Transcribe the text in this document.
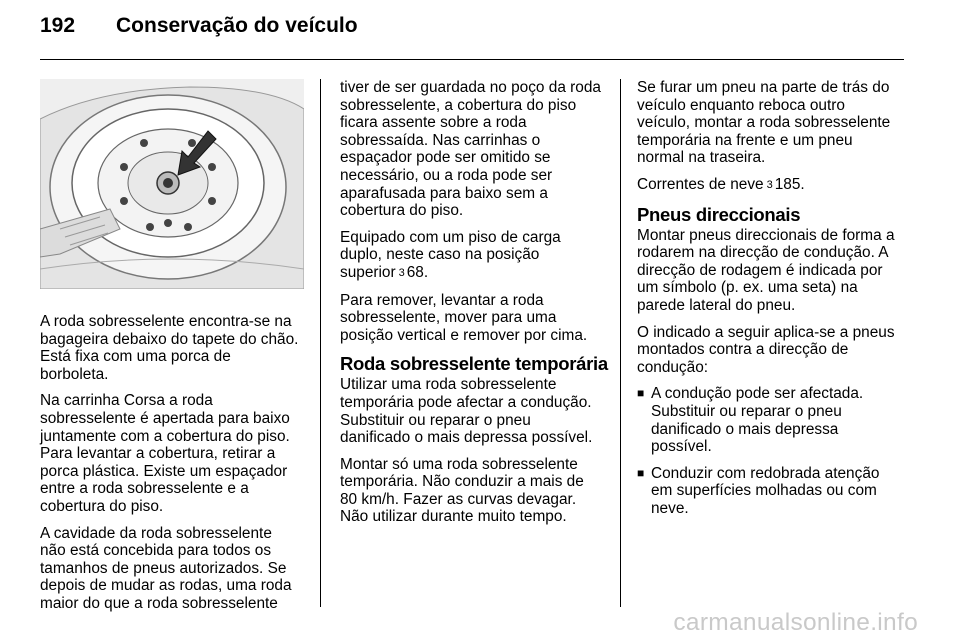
192	Conservação do veículo

A roda sobresselente encontra-se na
bagageira debaixo do tapete do chão.
Está fixa com uma porca de
borboleta.

Na carrinha Corsa a roda
sobresselente é apertada para baixo
juntamente com a cobertura do piso.
Para levantar a cobertura, retirar a
porca plástica. Existe um espaçador
entre a roda sobresselente e a
cobertura do piso.

A cavidade da roda sobresselente
não está concebida para todos os
tamanhos de pneus autorizados. Se
depois de mudar as rodas, uma roda
maior do que a roda sobresselente

tiver de ser guardada no poço da roda
sobresselente, a cobertura do piso
ficara assente sobre a roda
sobressaída. Nas carrinhas o
espaçador pode ser omitido se
necessário, ou a roda pode ser
aparafusada para baixo sem a
cobertura do piso.

Equipado com um piso de carga
duplo, neste caso na posição
superior 3 68.

Para remover, levantar a roda
sobresselente, mover para uma
posição vertical e remover por cima.

Roda sobresselente temporária

Utilizar uma roda sobresselente
temporária pode afectar a condução.
Substituir ou reparar o pneu
danificado o mais depressa possível.

Montar só uma roda sobresselente
temporária. Não conduzir a mais de
80 km/h. Fazer as curvas devagar.
Não utilizar durante muito tempo.

Se furar um pneu na parte de trás do
veículo enquanto reboca outro
veículo, montar a roda sobresselente
temporária na frente e um pneu
normal na traseira.

Correntes de neve 3 185.

Pneus direccionais

Montar pneus direccionais de forma a
rodarem na direcção de condução. A
direcção de rodagem é indicada por
um símbolo (p. ex. uma seta) na
parede lateral do pneu.

O indicado a seguir aplica-se a pneus
montados contra a direcção de
condução:

■ A condução pode ser afectada.
Substituir ou reparar o pneu
danificado o mais depressa
possível.
■ Conduzir com redobrada atenção
em superfícies molhadas ou com
neve.
carmanualsonline.info
